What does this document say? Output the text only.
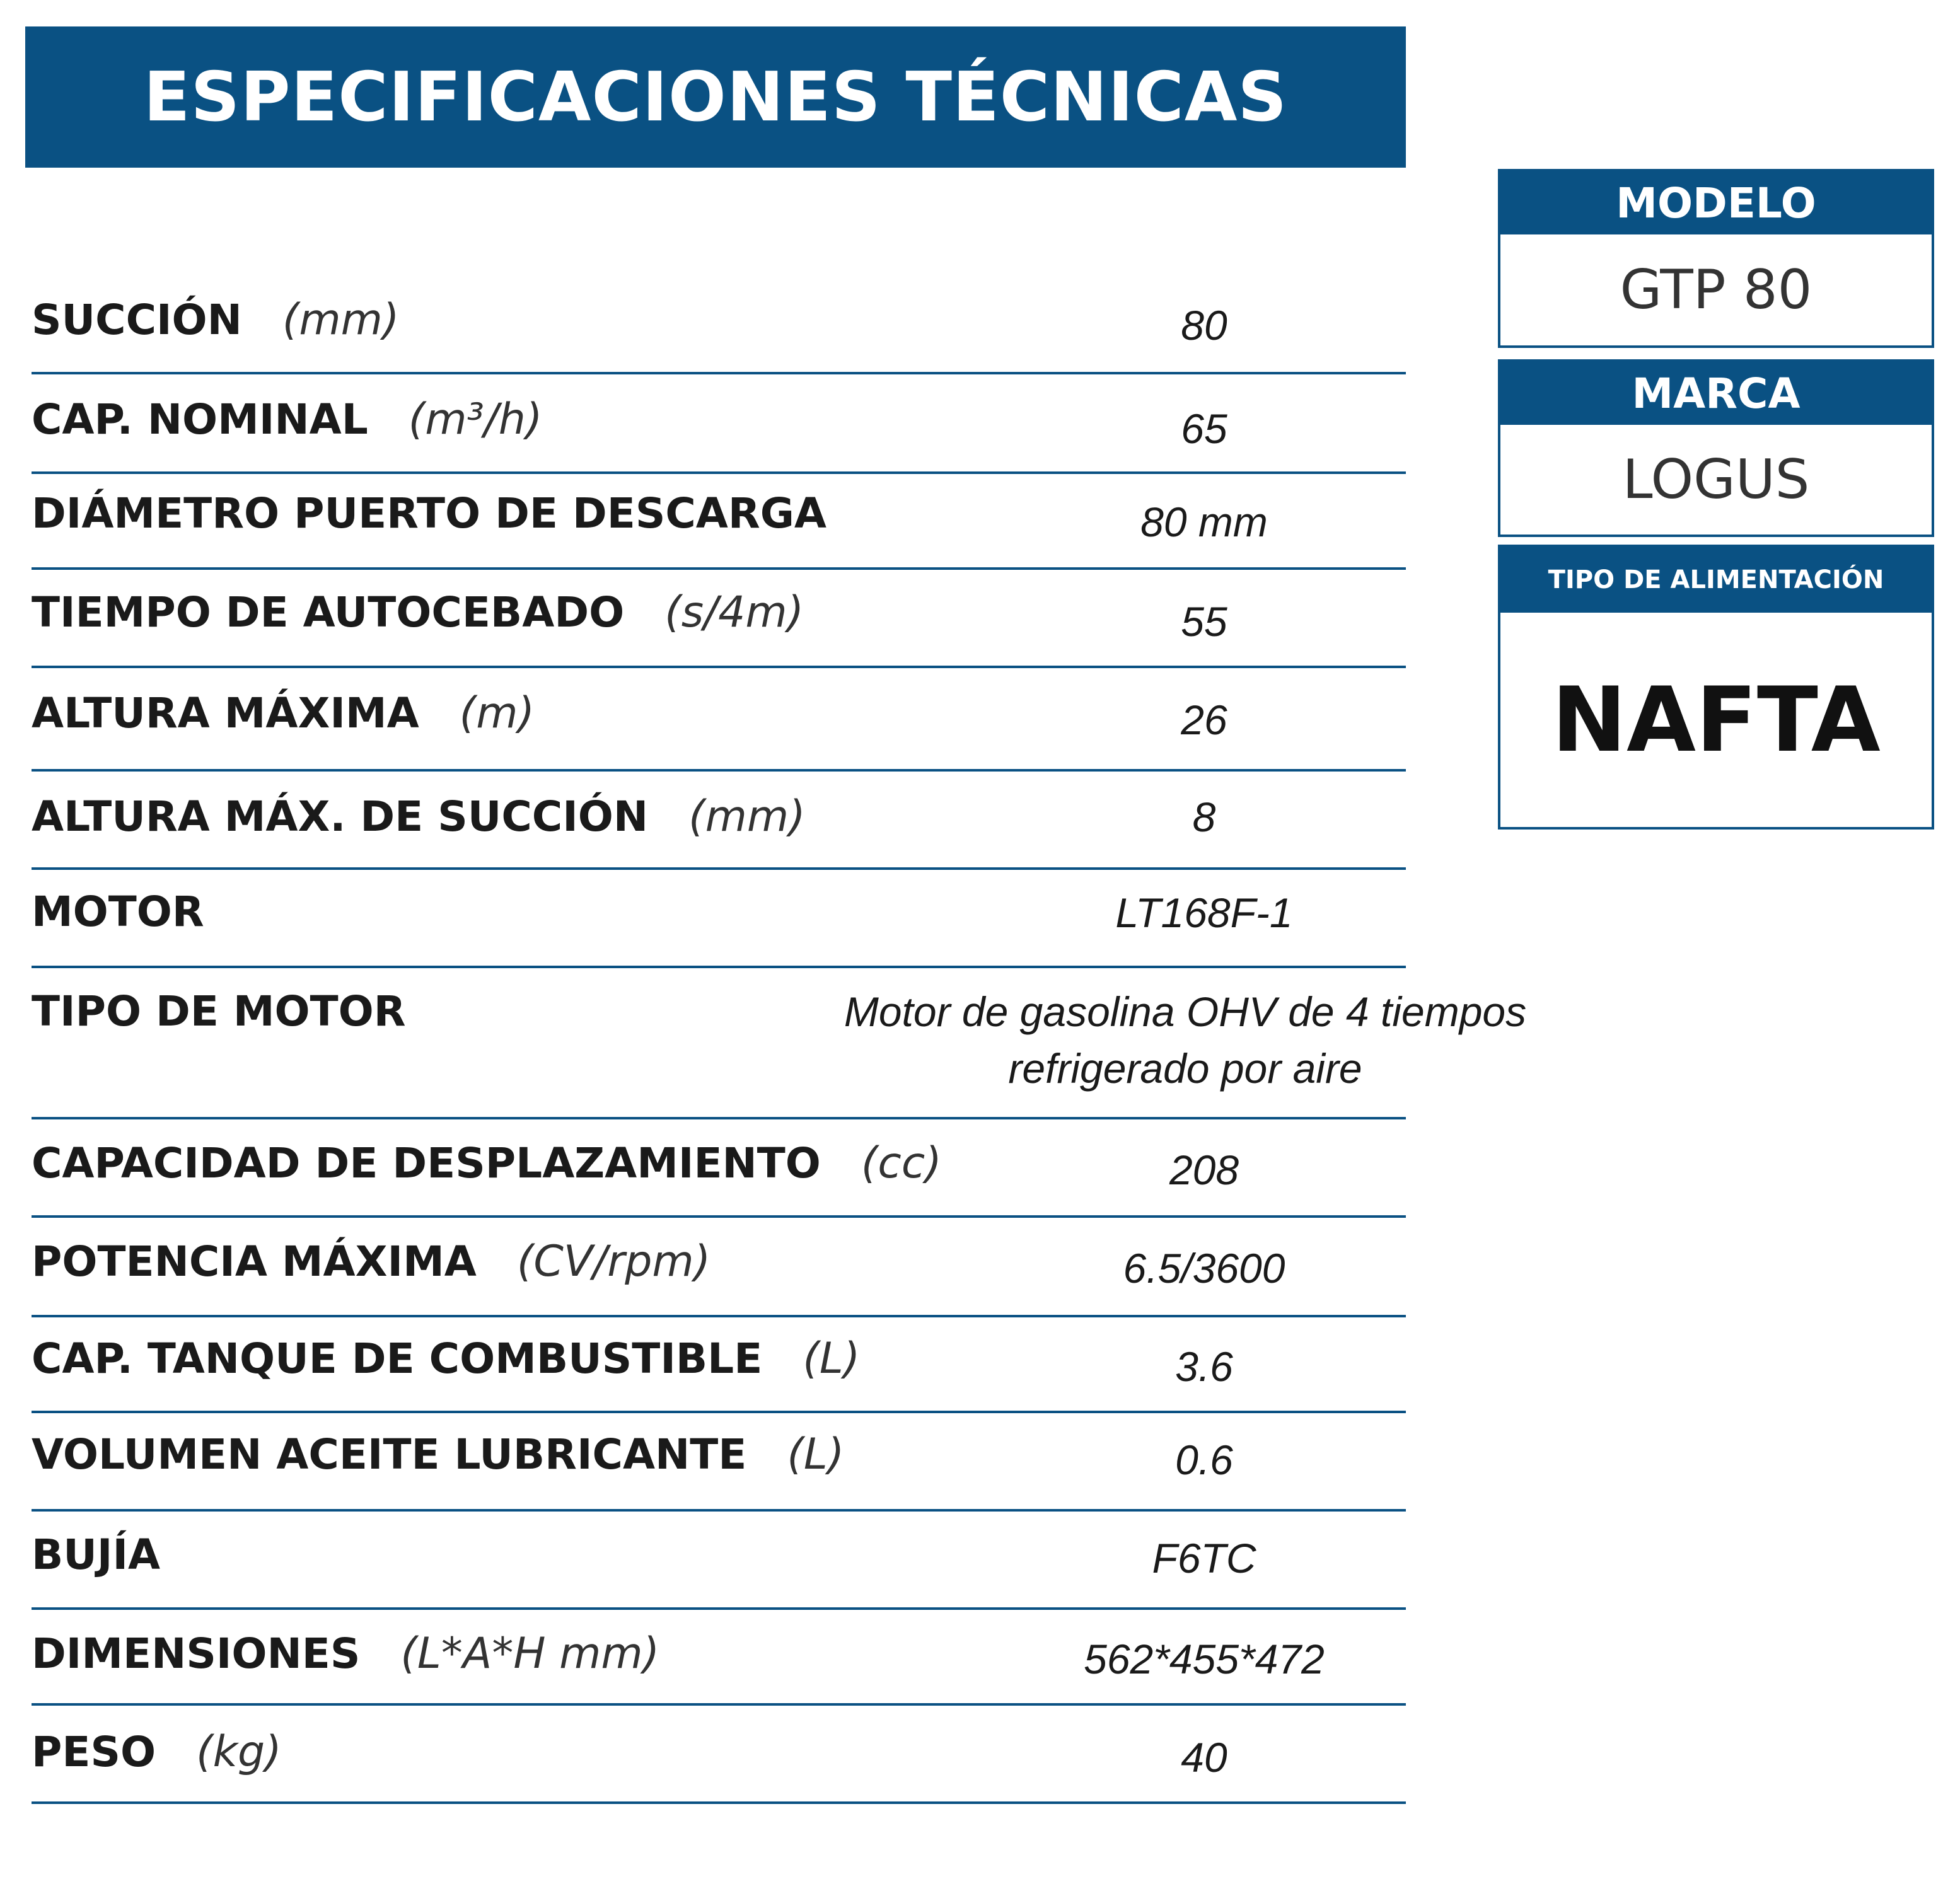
ESPECIFICACIONES TÉCNICAS
SUCCIÓN (mm)	80
CAP. NOMINAL (m³/h)	65
DIÁMETRO PUERTO DE DESCARGA	80 mm
TIEMPO DE AUTOCEBADO (s/4m)	55
ALTURA MÁXIMA (m)	26
ALTURA MÁX. DE SUCCIÓN (mm)	8
MOTOR	LT168F-1
TIPO DE MOTOR	Motor de gasolina OHV de 4 tiempos
refrigerado por aire
CAPACIDAD DE DESPLAZAMIENTO (cc)	208
POTENCIA MÁXIMA (CV/rpm)	6.5/3600
CAP. TANQUE DE COMBUSTIBLE (L)	3.6
VOLUMEN ACEITE LUBRICANTE (L)	0.6
BUJÍA	F6TC
DIMENSIONES (L*A*H mm)	562*455*472
PESO (kg)	40
MODELO
GTP 80
MARCA
LOGUS
TIPO DE ALIMENTACIÓN
NAFTA
